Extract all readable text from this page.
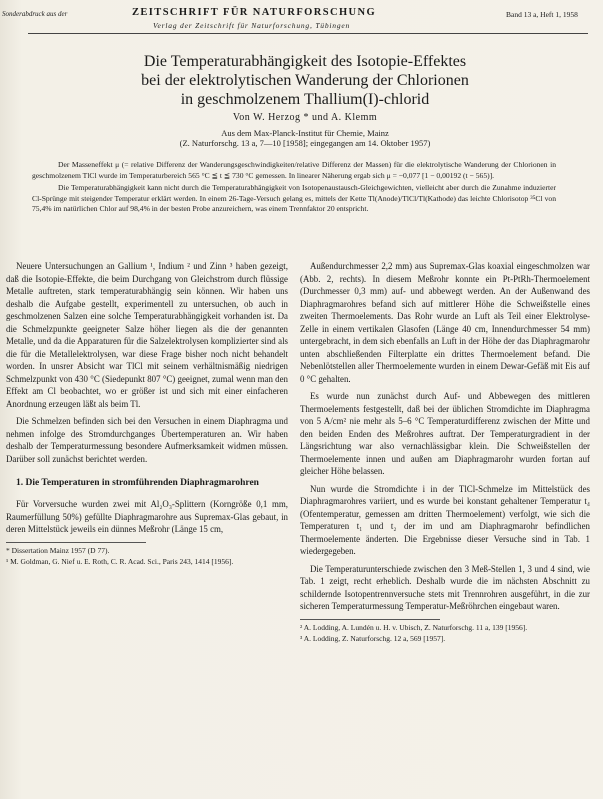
Sonderabdruck aus der	ZEITSCHRIFT FÜR NATURFORSCHUNG	Band 13 a, Heft 1, 1958
Verlag der Zeitschrift für Naturforschung, Tübingen
Die Temperaturabhängigkeit des Isotopie-Effektes
bei der elektrolytischen Wanderung der Chlorionen
in geschmolzenem Thallium(I)-chlorid
Von W. Herzog * und A. Klemm
Aus dem Max-Planck-Institut für Chemie, Mainz
(Z. Naturforschg. 13 a, 7—10 [1958]; eingegangen am 14. Oktober 1957)

Der Masseneffekt μ (= relative Differenz der Wanderungsgeschwindigkeiten/relative Differenz der Massen) für die elektrolytische Wanderung der Chlorionen in geschmolzenem TlCl wurde im Temperaturbereich 565 °C ≦ t ≦ 730 °C gemessen. In linearer Näherung ergab sich μ = −0,077 [1 − 0,00192 (t − 565)].

Die Temperaturabhängigkeit kann nicht durch die Temperaturabhängigkeit von Isotopenaustausch-Gleichgewichten, vielleicht aber durch die Zunahme induzierter Cl-Sprünge mit steigender Temperatur erklärt werden. In einem 26-Tage-Versuch gelang es, mittels der Kette Tl(Anode)/TlCl/Tl(Kathode) das leichte Chlorisotop ³⁵Cl von 75,4% im natürlichen Chlor auf 98,4% in der besten Probe anzureichern, was einem Trennfaktor 20 entspricht.

Neuere Untersuchungen an Gallium ¹, Indium ² und Zinn ³ haben gezeigt, daß die Isotopie-Effekte, die beim Durchgang von Gleichstrom durch flüssige Metalle auftreten, stark temperaturabhängig sein können. Wir haben uns deshalb die Aufgabe gestellt, experimentell zu untersuchen, ob auch in geschmolzenen Salzen eine solche Temperaturabhängigkeit vorhanden ist. Da die Schmelzpunkte geeigneter Salze höher liegen als die der genannten Metalle, und da die Apparaturen für die Salzelektrolysen komplizierter sind als die für die Metallelektrolysen, war diese Frage bisher noch nicht behandelt worden. In unsrer Absicht war TlCl mit seinem verhältnismäßig niedrigen Schmelzpunkt von 430 °C (Siedepunkt 807 °C) geeignet, zumal wenn man den Effekt am Cl beobachtet, wo er größer ist und sich mit einer einfacheren Anordnung erzeugen läßt als beim Tl.

Die Schmelzen befinden sich bei den Versuchen in einem Diaphragma und nehmen infolge des Stromdurchganges Übertemperaturen an. Wir haben deshalb der Temperaturmessung besondere Aufmerksamkeit widmen müssen. Darüber soll zunächst berichtet werden.

1. Die Temperaturen in stromführenden Diaphragmarohren

Für Vorversuche wurden zwei mit Al₂O₃-Splittern (Korngröße 0,1 mm, Raumerfüllung 50%) gefüllte Diaphragmarohre aus Supremax-Glas gebaut, in deren Mittelstück jeweils ein dünnes Meßrohr (Länge 15 cm,

* Dissertation Mainz 1957 (D 77).
¹ M. Goldman, G. Nief u. E. Roth, C. R. Acad. Sci., Paris 243, 1414 [1956].

Außendurchmesser 2,2 mm) aus Supremax-Glas koaxial eingeschmolzen war (Abb. 2, rechts). In diesem Meßrohr konnte ein Pt-PtRh-Thermoelement (Durchmesser 0,3 mm) auf- und abbewegt werden. An der Außenwand des Diaphragmarohres befand sich auf mittlerer Höhe die Schweißstelle eines zweiten Thermoelements. Das Rohr wurde an Luft als Teil einer Elektrolyse-Zelle in einem vertikalen Glasofen (Länge 40 cm, Innendurchmesser 54 mm) untergebracht, in dem sich ebenfalls an Luft in der Höhe der das Diaphragmarohr unten abschließenden Filterplatte ein drittes Thermoelement befand. Die Nebenlötstellen aller Thermoelemente wurden in einem Dewar-Gefäß mit Eis auf 0 °C gehalten.

Es wurde nun zunächst durch Auf- und Abbewegen des mittleren Thermoelements festgestellt, daß bei der üblichen Stromdichte im Diaphragma von 5 A/cm² nie mehr als 5–6 °C Temperaturdifferenz zwischen der Mitte und den beiden Enden des Meßrohres auftrat. Der Temperaturgradient in der Längsrichtung war also vernachlässigbar klein. Die Schweißstellen der Thermoelemente innen und außen am Diaphragmarohr wurden fortan auf gleicher Höhe belassen.

Nun wurde die Stromdichte i in der TlCl-Schmelze im Mittelstück des Diaphragmarohres variiert, und es wurde bei konstant gehaltener Temperatur t₄ (Ofentemperatur, gemessen am dritten Thermoelement) verfolgt, wie sich die Temperaturen t₁ und t₂ der im und am Diaphragmarohr befindlichen Thermoelemente änderten. Die Ergebnisse dieser Versuche sind in Tab. 1 wiedergegeben.

Die Temperaturunterschiede zwischen den 3 Meß-Stellen 1, 3 und 4 sind, wie Tab. 1 zeigt, recht erheblich. Deshalb wurde die im nächsten Abschnitt zu schildernde Isotopentrennversuche stets mit Trennrohren ausgeführt, in die zur sicheren Temperaturmessung Temperatur-Meßröhrchen eingebaut waren.

² A. Lodding, A. Lundén u. H. v. Ubisch, Z. Naturforschg. 11 a, 139 [1956].
³ A. Lodding, Z. Naturforschg. 12 a, 569 [1957].
